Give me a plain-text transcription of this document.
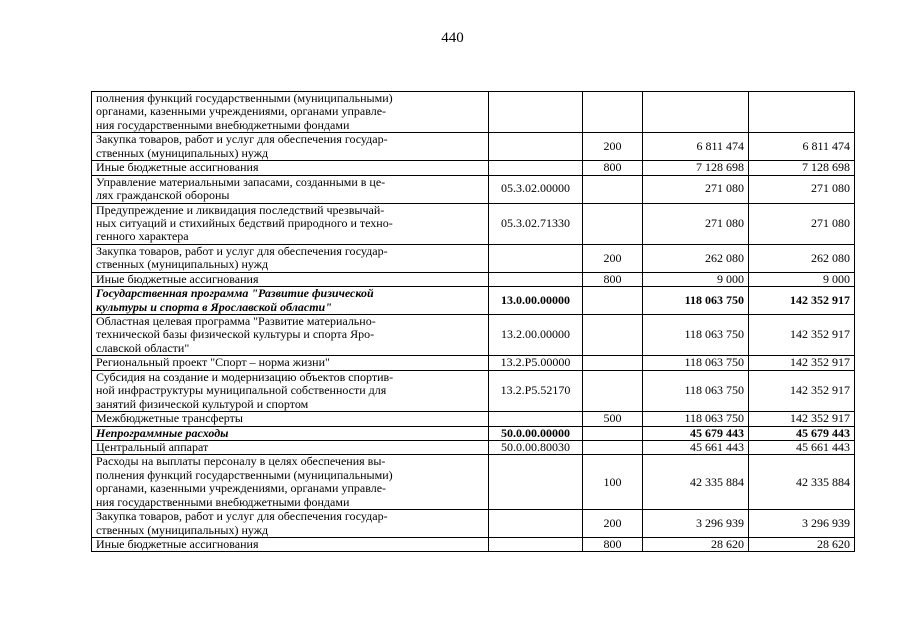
440
полнения функций государственными (муниципальными)
органами, казенными учреждениями, органами управле-
ния государственными внебюджетными фондами				

Закупка товаров, работ и услуг для обеспечения государ-
ственных (муниципальных) нужд		200	6 811 474	6 811 474

Иные бюджетные ассигнования		800	7 128 698	7 128 698

Управление материальными запасами, созданными в це-
лях гражданской обороны	05.3.02.00000		271 080	271 080

Предупреждение и ликвидация последствий чрезвычай-
ных ситуаций и стихийных бедствий природного и техно-
генного характера	05.3.02.71330		271 080	271 080

Закупка товаров, работ и услуг для обеспечения государ-
ственных (муниципальных) нужд		200	262 080	262 080

Иные бюджетные ассигнования		800	9 000	9 000

Государственная программа "Развитие физической
культуры и спорта в Ярославской области"	13.0.00.00000		118 063 750	142 352 917

Областная целевая программа "Развитие материально-
технической базы физической культуры и спорта Яро-
славской области"	13.2.00.00000		118 063 750	142 352 917

Региональный проект "Спорт – норма жизни"	13.2.P5.00000		118 063 750	142 352 917

Субсидия на создание и модернизацию объектов спортив-
ной инфраструктуры муниципальной собственности для
занятий физической культурой и спортом	13.2.P5.52170		118 063 750	142 352 917

Межбюджетные трансферты		500	118 063 750	142 352 917

Непрограммные расходы	50.0.00.00000		45 679 443	45 679 443

Центральный аппарат	50.0.00.80030		45 661 443	45 661 443

Расходы на выплаты персоналу в целях обеспечения вы-
полнения функций государственными (муниципальными)
органами, казенными учреждениями, органами управле-
ния государственными внебюджетными фондами		100	42 335 884	42 335 884

Закупка товаров, работ и услуг для обеспечения государ-
ственных (муниципальных) нужд		200	3 296 939	3 296 939

Иные бюджетные ассигнования		800	28 620	28 620
